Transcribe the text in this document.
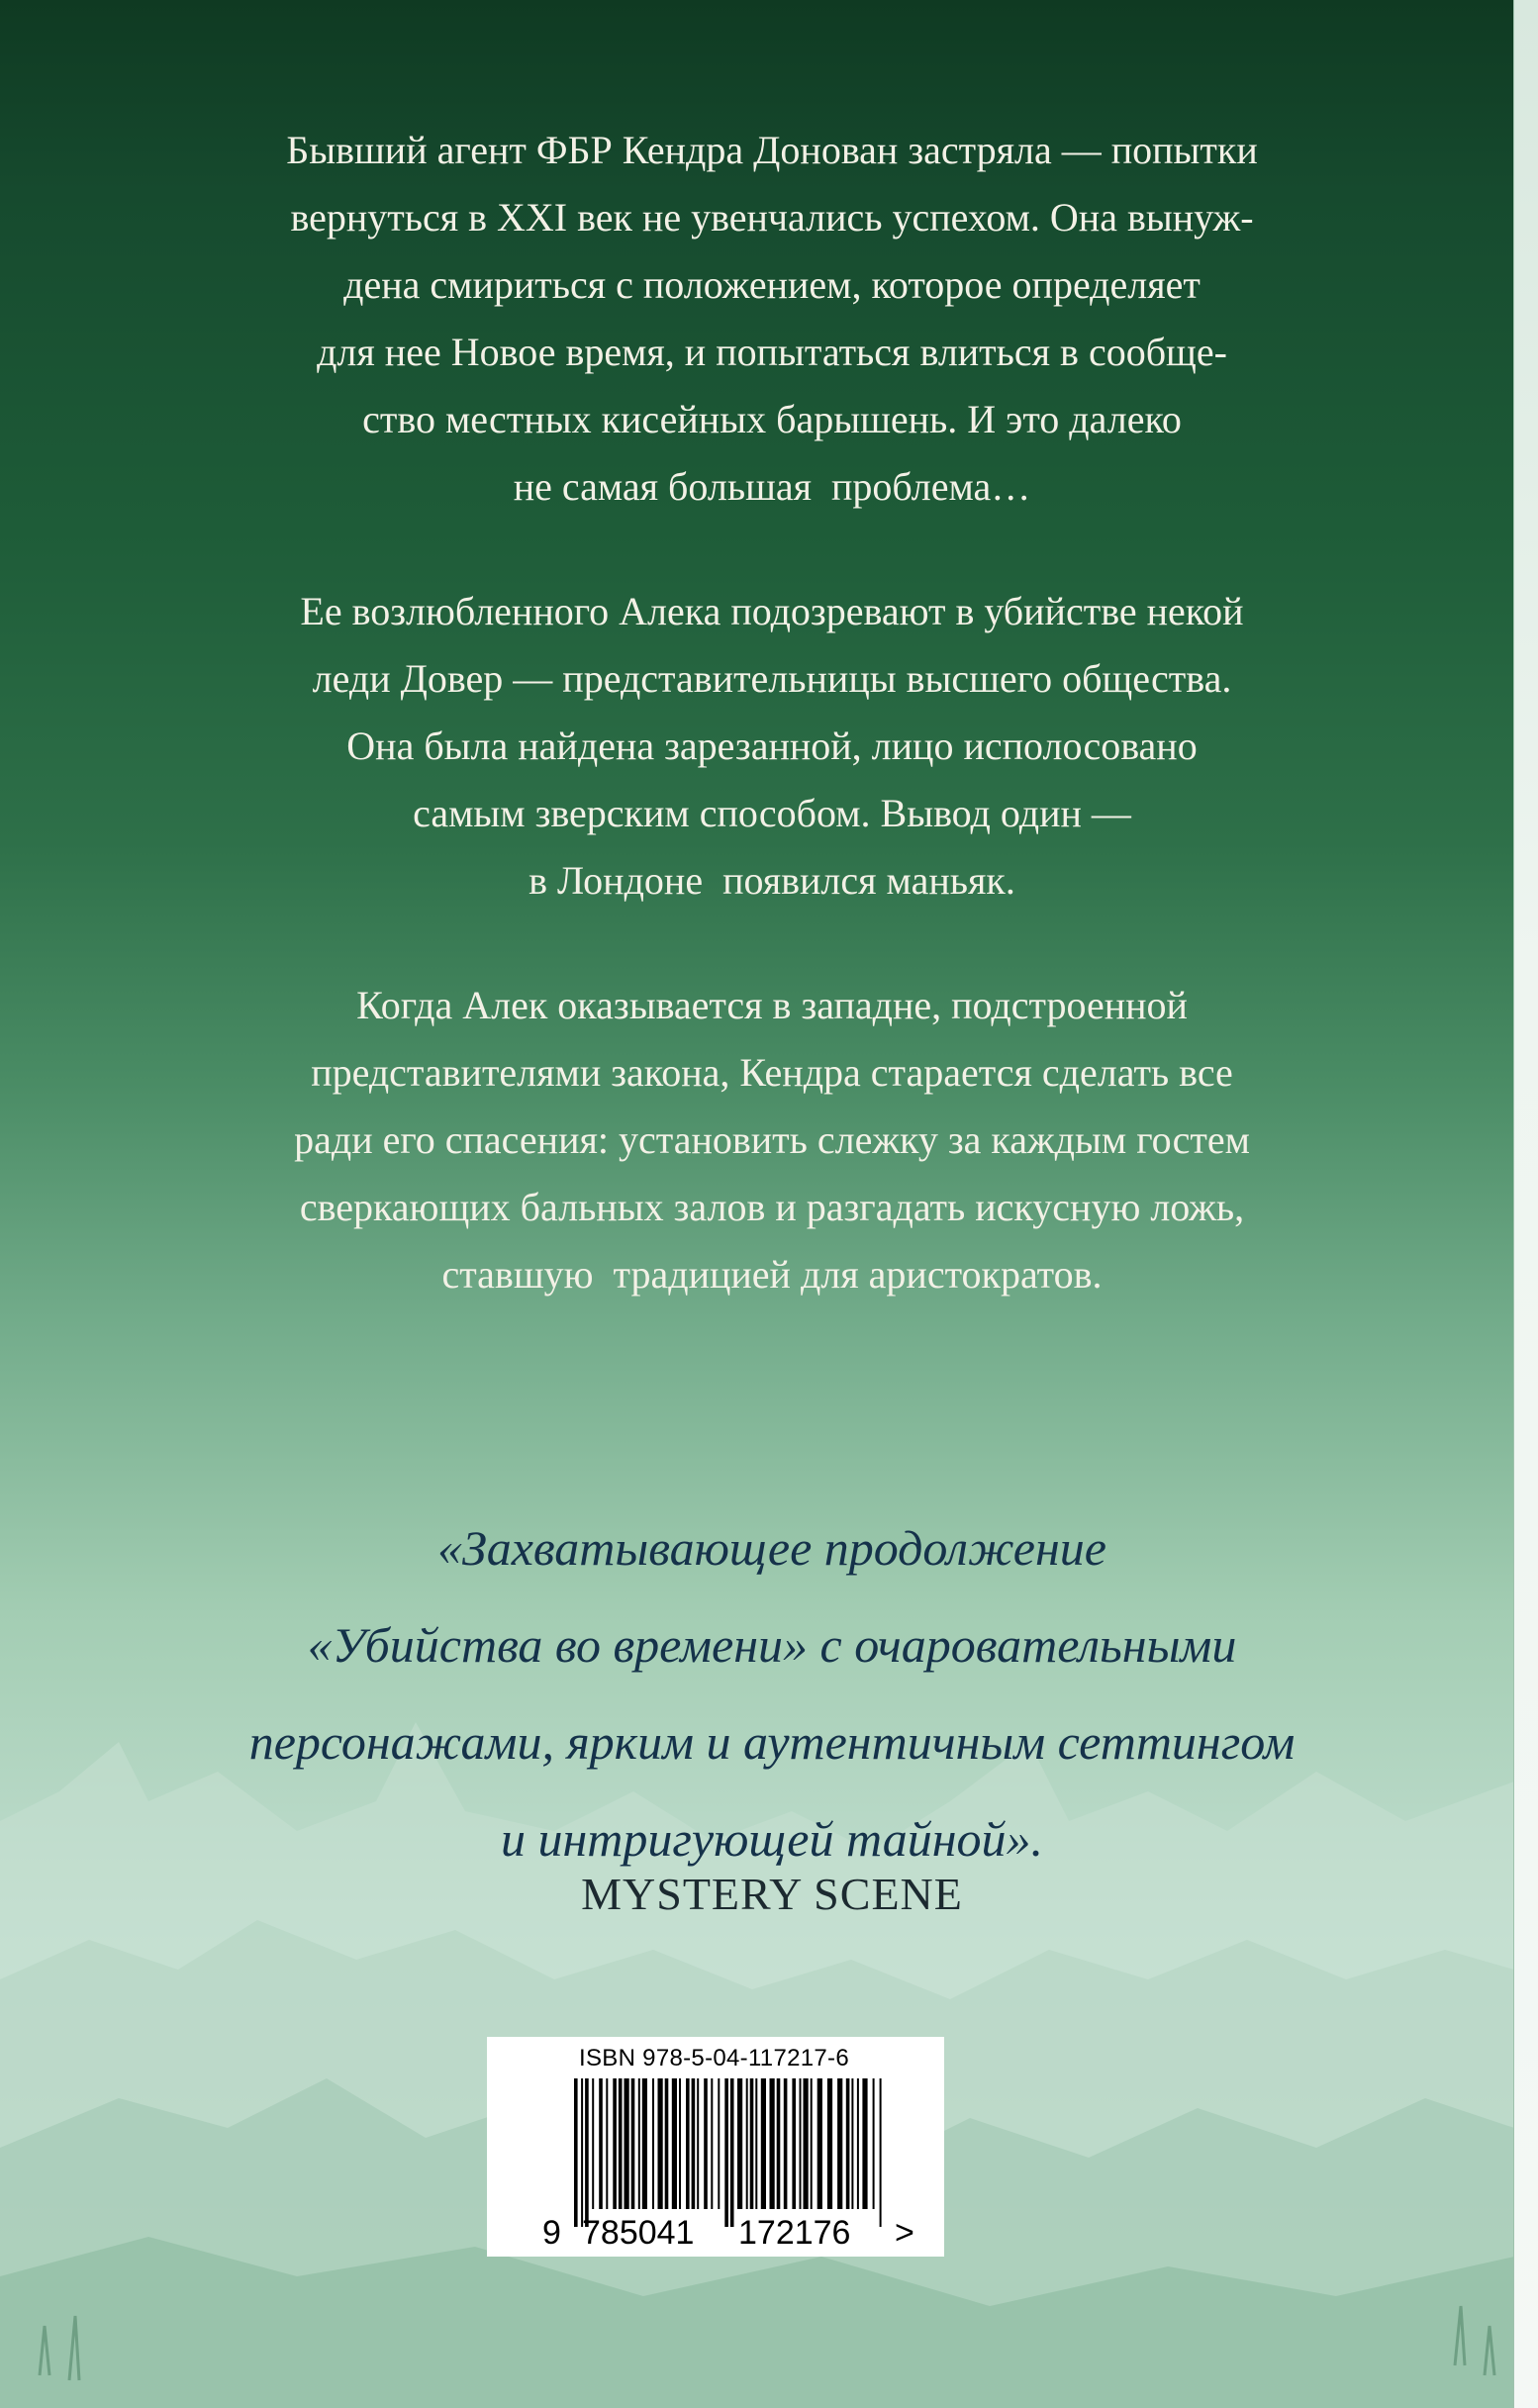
Бывший агент ФБР Кендра Донован застряла — попытки
вернуться в XXI век не увенчались успехом. Она вынуж-
дена смириться с положением, которое определяет
для нее Новое время, и попытаться влиться в сообще-
ство местных кисейных барышень. И это далеко
не самая большая  проблема…
Ее возлюбленного Алека подозревают в убийстве некой
леди Довер — представительницы высшего общества.
Она была найдена зарезанной, лицо исполосовано
самым зверским способом. Вывод один —
в Лондоне  появился маньяк.
Когда Алек оказывается в западне, подстроенной
представителями закона, Кендра старается сделать все
ради его спасения: установить слежку за каждым гостем
сверкающих бальных залов и разгадать искусную ложь,
ставшую  традицией для аристократов.
«Захватывающее продолжение
«Убийства во времени» с очаровательными
персонажами, ярким и аутентичным сеттингом
и интригующей тайной».
MYSTERY SCENE
ISBN 978-5-04-117217-6
9 785041 172176 >
